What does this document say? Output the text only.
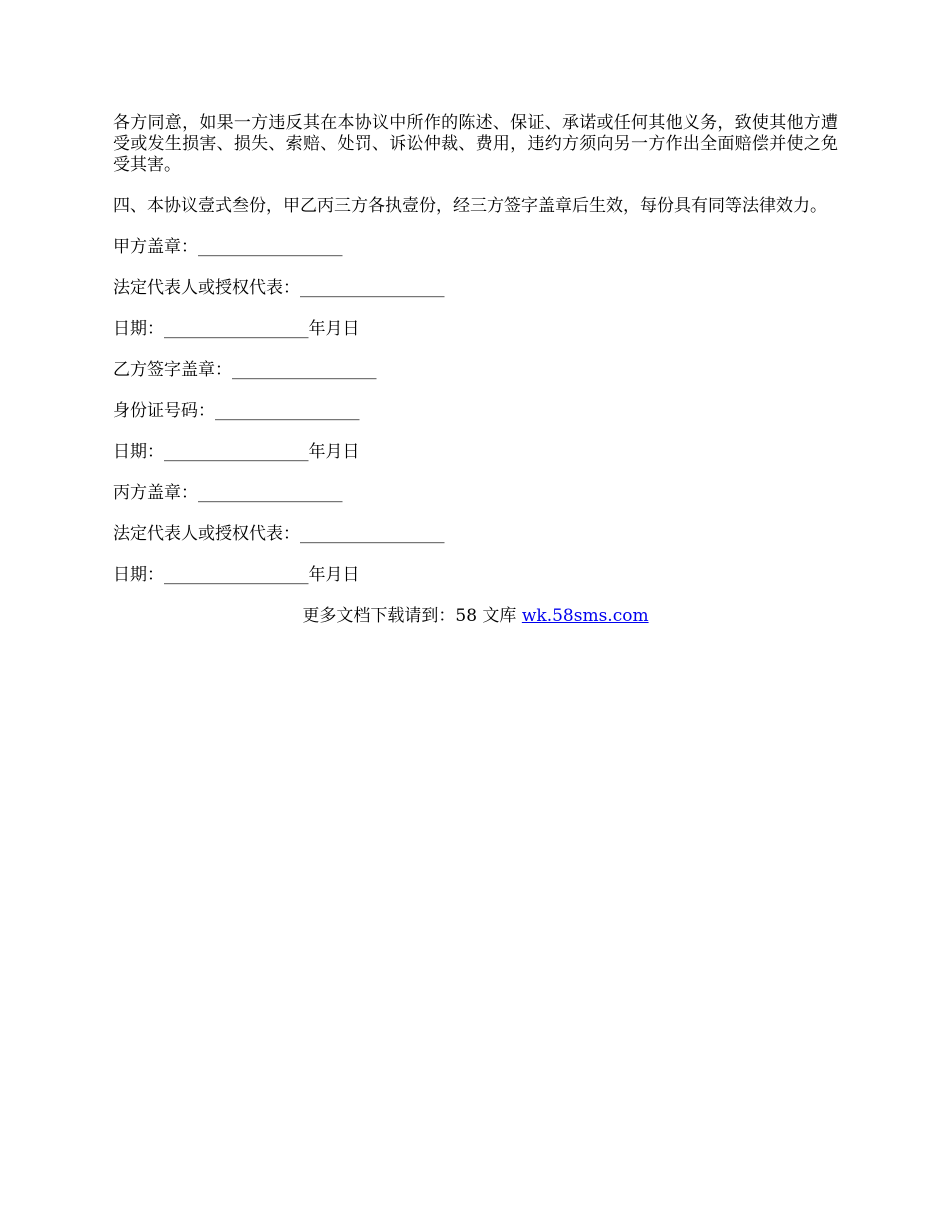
各方同意，如果一方违反其在本协议中所作的陈述、保证、承诺或任何其他义务，致使其他方遭受或发生损害、损失、索赔、处罚、诉讼仲裁、费用，违约方须向另一方作出全面赔偿并使之免受其害。

四、本协议壹式叁份，甲乙丙三方各执壹份，经三方签字盖章后生效，每份具有同等法律效力。

甲方盖章：_________________
法定代表人或授权代表：_________________
日期：_________________年月日
乙方签字盖章：_________________
身份证号码：_________________
日期：_________________年月日
丙方盖章：_________________
法定代表人或授权代表：_________________
日期：_________________年月日
更多文档下载请到：58 文库 wk.58sms.com
